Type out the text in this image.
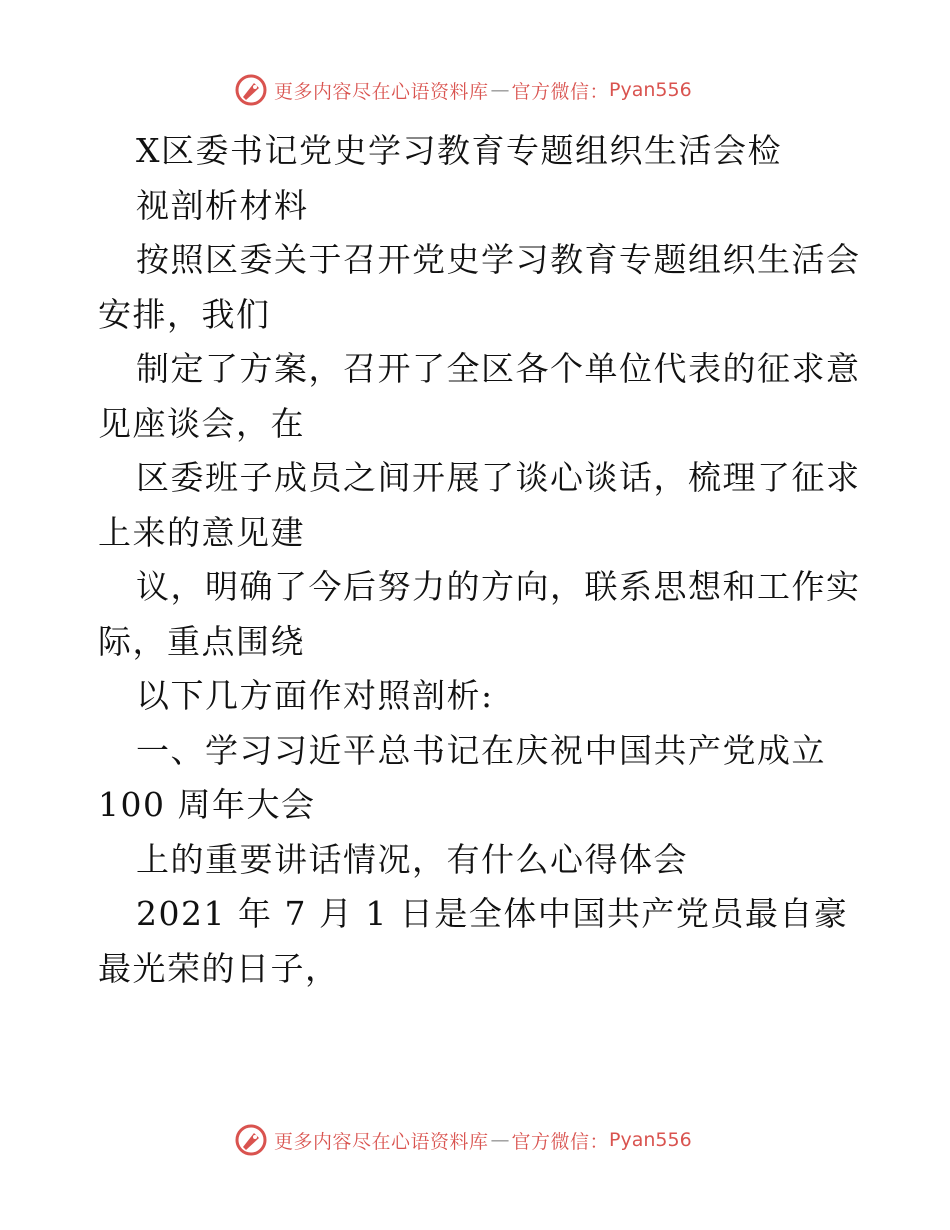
更多内容尽在心语资料库 — 官方微信： Pyan556
X区委书记党史学习教育专题组织生活会检
视剖析材料
按照区委关于召开党史学习教育专题组织生活会
安排，我们
制定了方案，召开了全区各个单位代表的征求意
见座谈会，在
区委班子成员之间开展了谈心谈话，梳理了征求
上来的意见建
议，明确了今后努力的方向，联系思想和工作实
际，重点围绕
以下几方面作对照剖析:
一、学习习近平总书记在庆祝中国共产党成立
100 周年大会
上的重要讲话情况，有什么心得体会
2021 年 7 月 1 日是全体中国共产党员最自豪
最光荣的日子，
更多内容尽在心语资料库 — 官方微信： Pyan556
